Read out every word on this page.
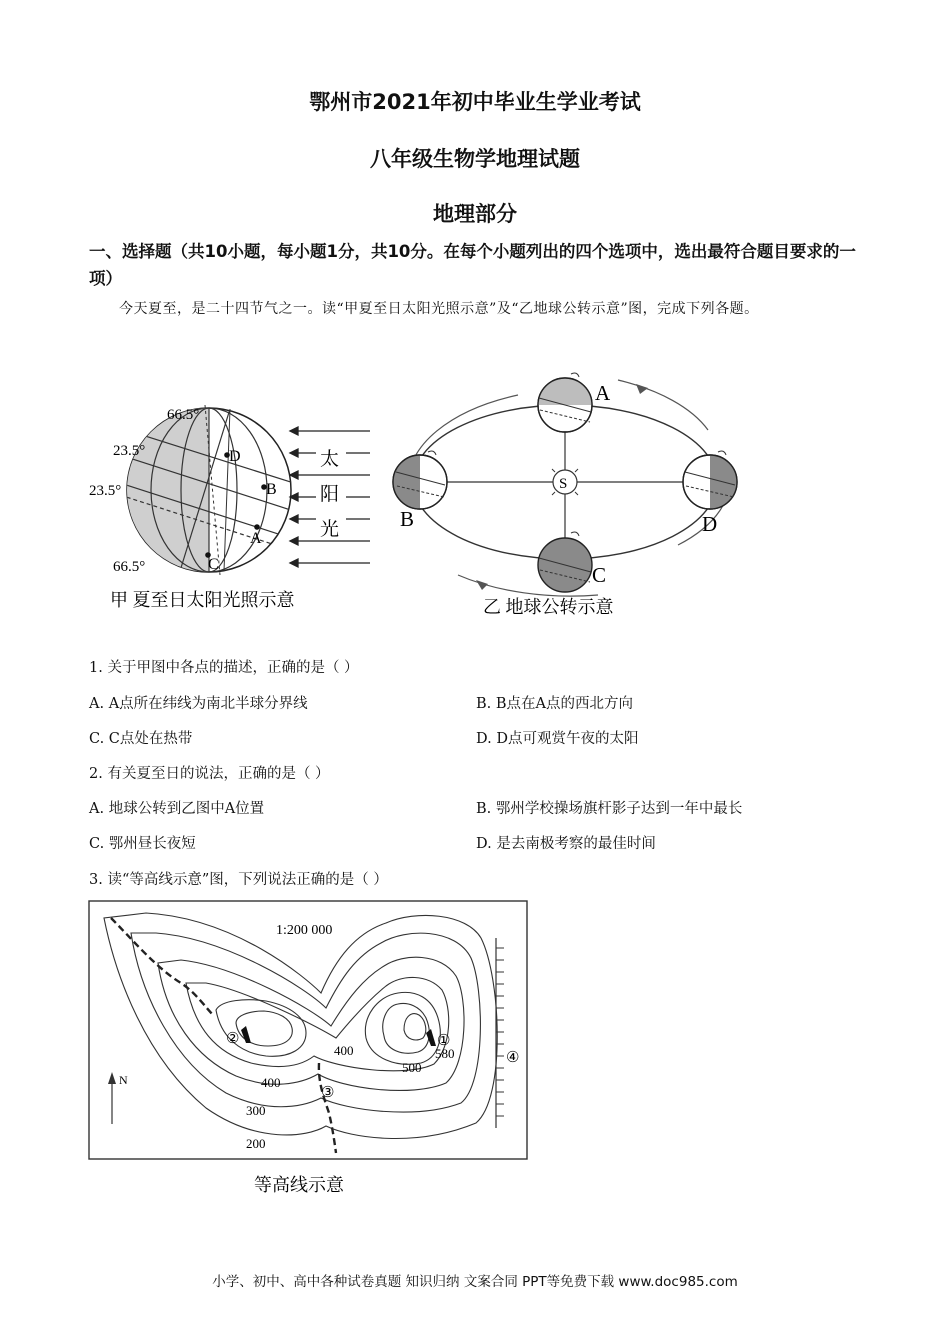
鄂州市2021年初中毕业生学业考试
八年级生物学地理试题
地理部分
一、选择题（共10小题，每小题1分，共10分。在每个小题列出的四个选项中，选出最符合题目要求的一项）
今天夏至，是二十四节气之一。读“甲夏至日太阳光照示意”及“乙地球公转示意”图，完成下列各题。
66.5°
23.5°
23.5°
66.5°
D
B
A
C
太
阳
光
甲 夏至日太阳光照示意
S
A
B
C
D
乙 地球公转示意
1. 关于甲图中各点的描述，正确的是（ ）
A. A点所在纬线为南北半球分界线	B. B点在A点的西北方向
C. C点处在热带	D. D点可观赏午夜的太阳
2. 有关夏至日的说法，正确的是（ ）
A. 地球公转到乙图中A位置	B. 鄂州学校操场旗杆影子达到一年中最长
C. 鄂州昼长夜短	D. 是去南极考察的最佳时间
3. 读“等高线示意”图，下列说法正确的是（ ）
1:200 000
N
②	①
③
④
580
500
400
400
300
200
等高线示意
小学、初中、高中各种试卷真题 知识归纳 文案合同 PPT等免费下载 www.doc985.com
